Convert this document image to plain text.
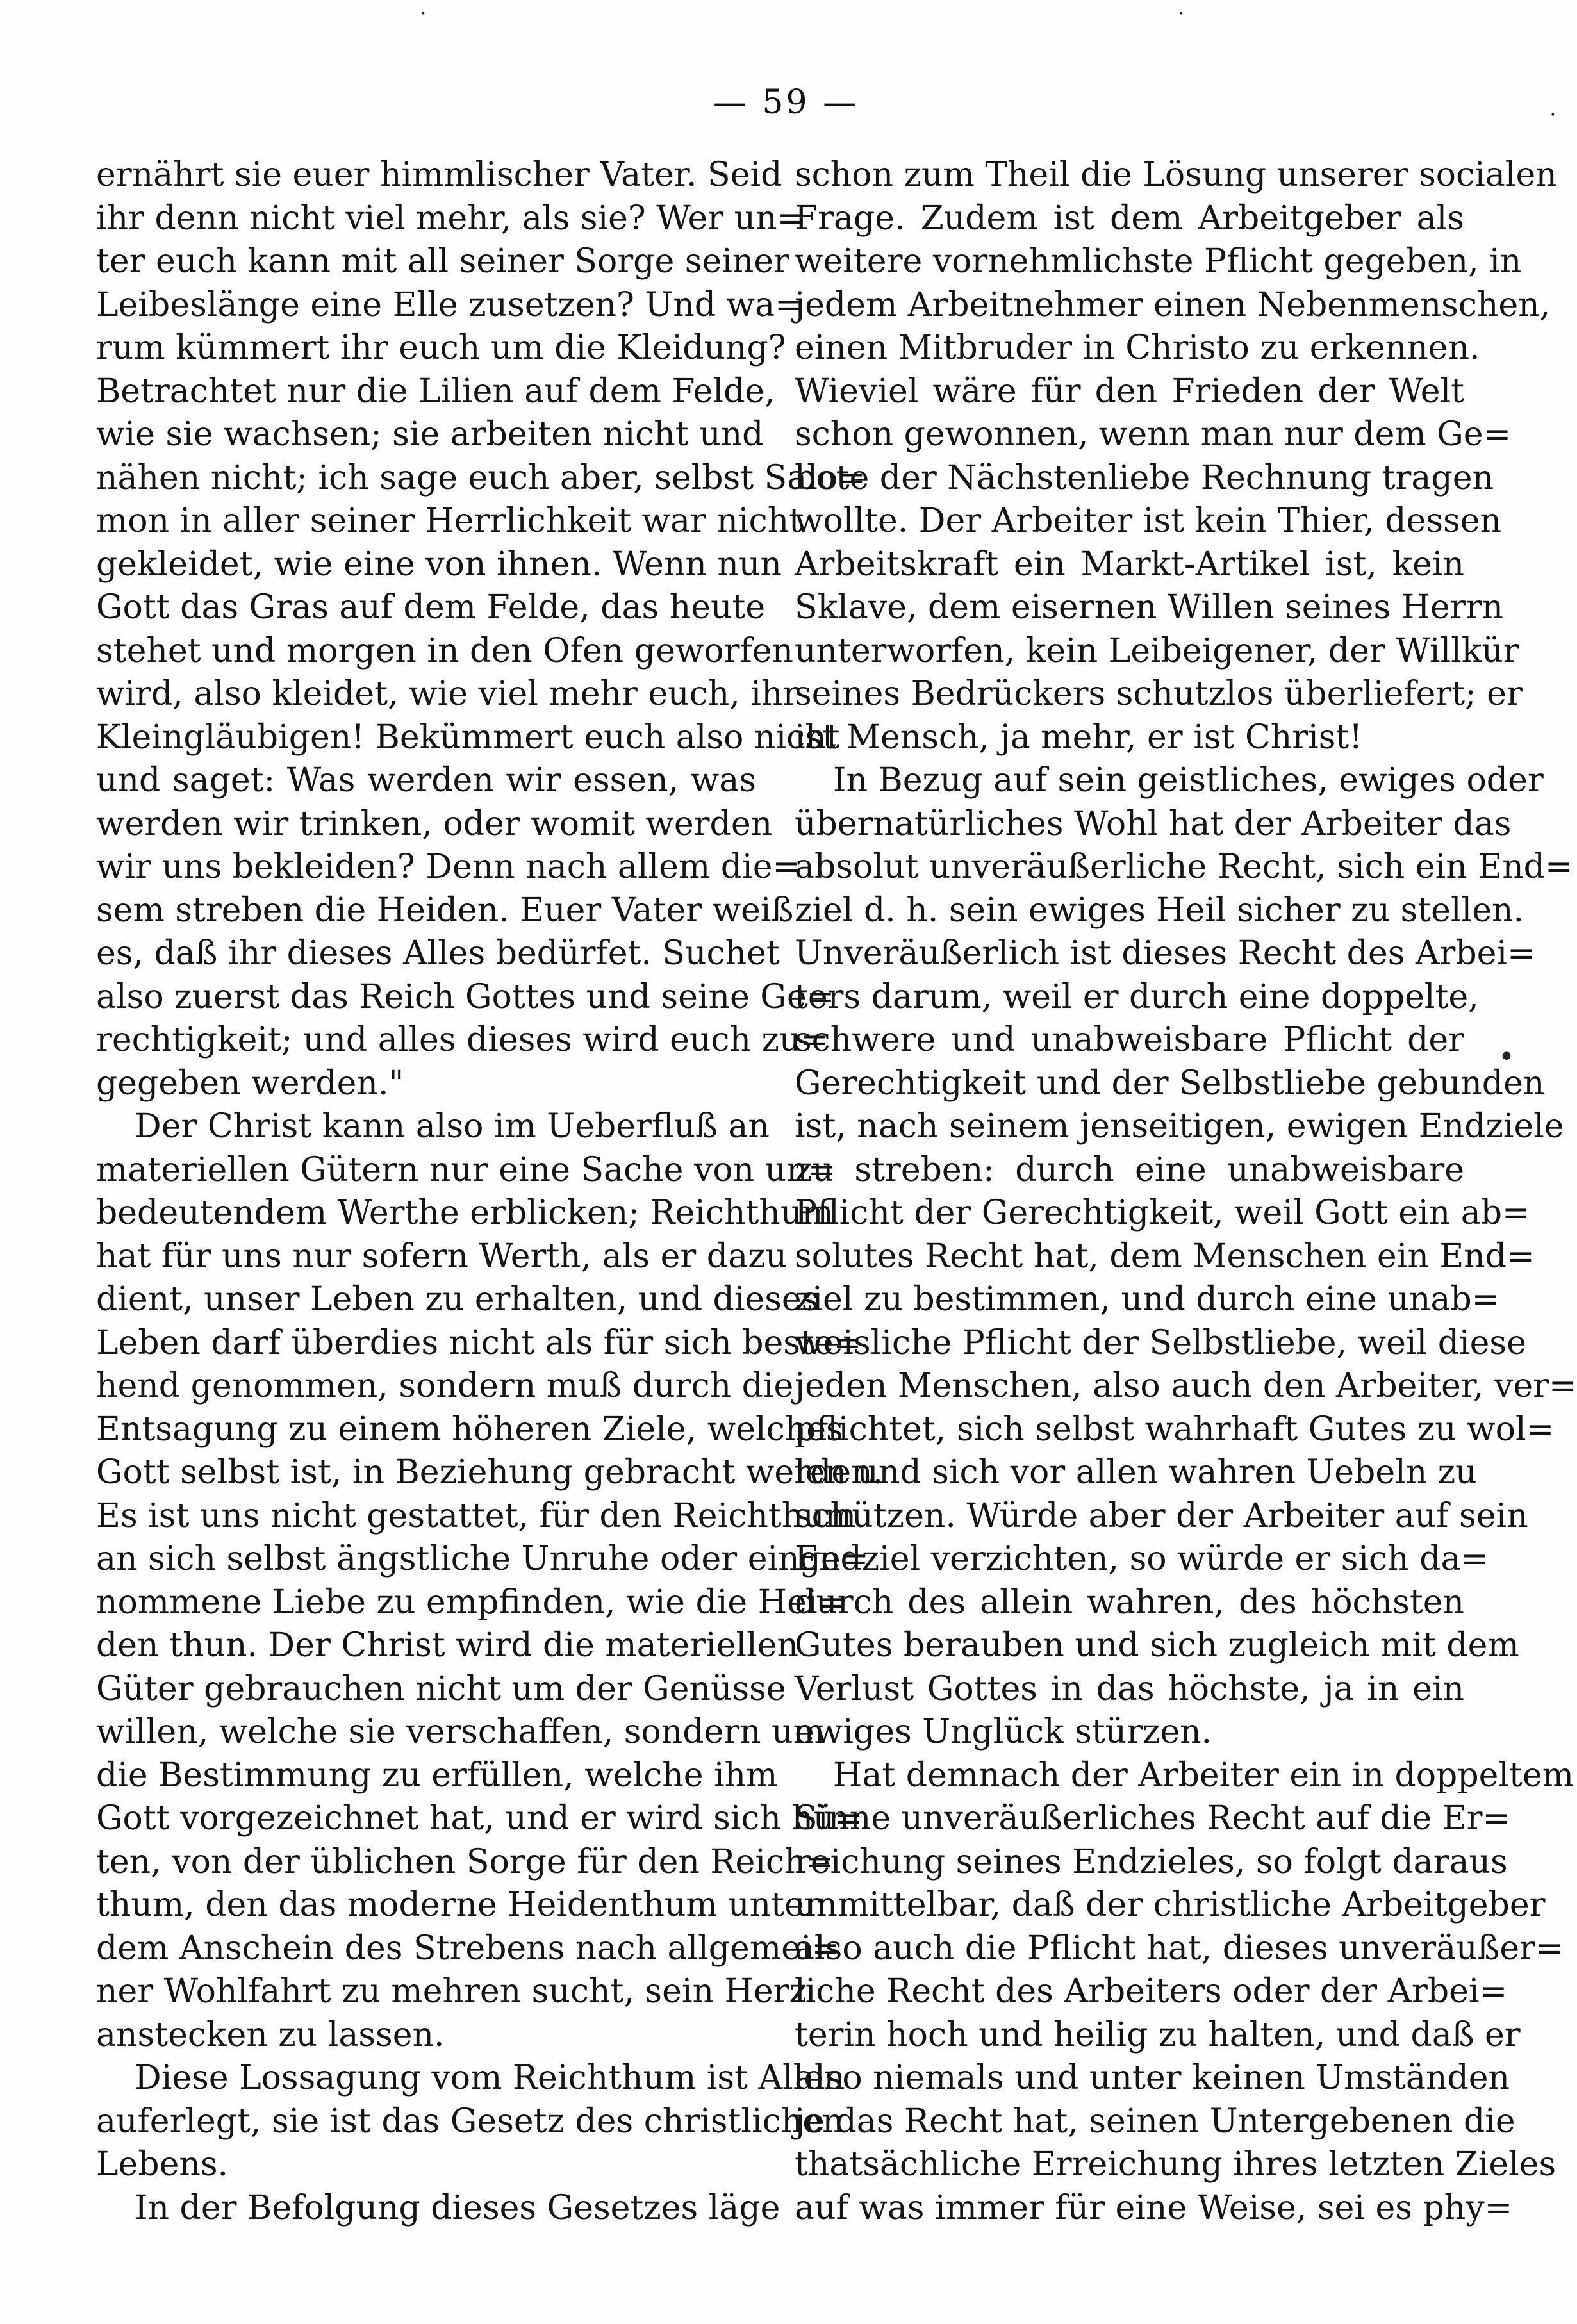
— 59 —
ernährt sie euer himmlischer Vater. Seid
ihr denn nicht viel mehr, als sie? Wer un=
ter euch kann mit all seiner Sorge seiner
Leibeslänge eine Elle zusetzen? Und wa=
rum kümmert ihr euch um die Kleidung?
Betrachtet nur die Lilien auf dem Felde,
wie sie wachsen; sie arbeiten nicht und
nähen nicht; ich sage euch aber, selbst Salo=
mon in aller seiner Herrlichkeit war nicht
gekleidet, wie eine von ihnen. Wenn nun
Gott das Gras auf dem Felde, das heute
stehet und morgen in den Ofen geworfen
wird, also kleidet, wie viel mehr euch, ihr
Kleingläubigen! Bekümmert euch also nicht
und saget: Was werden wir essen, was
werden wir trinken, oder womit werden
wir uns bekleiden? Denn nach allem die=
sem streben die Heiden. Euer Vater weiß
es, daß ihr dieses Alles bedürfet. Suchet
also zuerst das Reich Gottes und seine Ge=
rechtigkeit; und alles dieses wird euch zu=
gegeben werden."
Der Christ kann also im Ueberfluß an
materiellen Gütern nur eine Sache von un=
bedeutendem Werthe erblicken; Reichthum
hat für uns nur sofern Werth, als er dazu
dient, unser Leben zu erhalten, und dieses
Leben darf überdies nicht als für sich beste=
hend genommen, sondern muß durch die
Entsagung zu einem höheren Ziele, welches
Gott selbst ist, in Beziehung gebracht werden.
Es ist uns nicht gestattet, für den Reichthum
an sich selbst ängstliche Unruhe oder einge=
nommene Liebe zu empfinden, wie die Hei=
den thun. Der Christ wird die materiellen
Güter gebrauchen nicht um der Genüsse
willen, welche sie verschaffen, sondern um
die Bestimmung zu erfüllen, welche ihm
Gott vorgezeichnet hat, und er wird sich hü=
ten, von der üblichen Sorge für den Reich=
thum, den das moderne Heidenthum unter
dem Anschein des Strebens nach allgemei=
ner Wohlfahrt zu mehren sucht, sein Herz
anstecken zu lassen.
Diese Lossagung vom Reichthum ist Allen
auferlegt, sie ist das Gesetz des christlichen
Lebens.
In der Befolgung dieses Gesetzes läge
schon zum Theil die Lösung unserer socialen
Frage. Zudem ist dem Arbeitgeber als
weitere vornehmlichste Pflicht gegeben, in
jedem Arbeitnehmer einen Nebenmenschen,
einen Mitbruder in Christo zu erkennen.
Wieviel wäre für den Frieden der Welt
schon gewonnen, wenn man nur dem Ge=
bote der Nächstenliebe Rechnung tragen
wollte. Der Arbeiter ist kein Thier, dessen
Arbeitskraft ein Markt-Artikel ist, kein
Sklave, dem eisernen Willen seines Herrn
unterworfen, kein Leibeigener, der Willkür
seines Bedrückers schutzlos überliefert; er
ist Mensch, ja mehr, er ist Christ!
In Bezug auf sein geistliches, ewiges oder
übernatürliches Wohl hat der Arbeiter das
absolut unveräußerliche Recht, sich ein End=
ziel d. h. sein ewiges Heil sicher zu stellen.
Unveräußerlich ist dieses Recht des Arbei=
ters darum, weil er durch eine doppelte,
schwere und unabweisbare Pflicht der
Gerechtigkeit und der Selbstliebe gebunden
ist, nach seinem jenseitigen, ewigen Endziele
zu streben: durch eine unabweisbare
Pflicht der Gerechtigkeit, weil Gott ein ab=
solutes Recht hat, dem Menschen ein End=
ziel zu bestimmen, und durch eine unab=
weisliche Pflicht der Selbstliebe, weil diese
jeden Menschen, also auch den Arbeiter, ver=
pflichtet, sich selbst wahrhaft Gutes zu wol=
len und sich vor allen wahren Uebeln zu
schützen. Würde aber der Arbeiter auf sein
Endziel verzichten, so würde er sich da=
durch des allein wahren, des höchsten
Gutes berauben und sich zugleich mit dem
Verlust Gottes in das höchste, ja in ein
ewiges Unglück stürzen.
Hat demnach der Arbeiter ein in doppeltem
Sinne unveräußerliches Recht auf die Er=
reichung seines Endzieles, so folgt daraus
unmittelbar, daß der christliche Arbeitgeber
also auch die Pflicht hat, dieses unveräußer=
liche Recht des Arbeiters oder der Arbei=
terin hoch und heilig zu halten, und daß er
also niemals und unter keinen Umständen
je das Recht hat, seinen Untergebenen die
thatsächliche Erreichung ihres letzten Zieles
auf was immer für eine Weise, sei es phy=
·	·
•
·
